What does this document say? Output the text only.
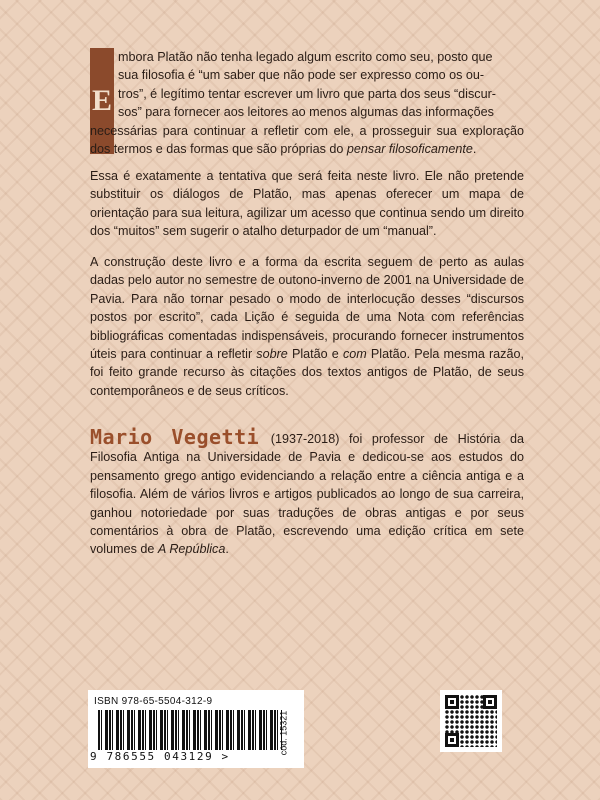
E

mbora Platão não tenha legado algum escrito como seu, posto que
sua filosofia é “um saber que não pode ser expresso como os ou-
tros”, é legítimo tentar escrever um livro que parta dos seus “discur-
sos” para fornecer aos leitores ao menos algumas das informações
necessárias para continuar a refletir com ele, a prosseguir sua exploração dos termos e das formas que são próprias do pensar filosoficamente.

Essa é exatamente a tentativa que será feita neste livro. Ele não pretende substituir os diálogos de Platão, mas apenas oferecer um mapa de orientação para sua leitura, agilizar um acesso que continua sendo um direito dos “muitos” sem sugerir o atalho deturpador de um “manual”.

A construção deste livro e a forma da escrita seguem de perto as aulas dadas pelo autor no semestre de outono-inverno de 2001 na Universidade de Pavia. Para não tornar pesado o modo de interlocução desses “discursos postos por escrito”, cada Lição é seguida de uma Nota com referências bibliográficas comentadas indispensáveis, procurando fornecer instrumentos úteis para continuar a refletir sobre Platão e com Platão. Pela mesma razão, foi feito grande recurso às citações dos textos antigos de Platão, de seus contemporâneos e de seus críticos.

Mario Vegetti (1937-2018) foi professor de História da Filosofia Antiga na Universidade de Pavia e dedicou-se aos estudos do pensamento grego antigo evidenciando a relação entre a ciência antiga e a filosofia. Além de vários livros e artigos publicados ao longo de sua carreira, ganhou notoriedade por suas traduções de obras antigas e por seus comentários à obra de Platão, escrevendo uma edição crítica em sete volumes de A República.

ISBN 978-65-5504-312-9
9 786555 043129 >
cód. 15321
